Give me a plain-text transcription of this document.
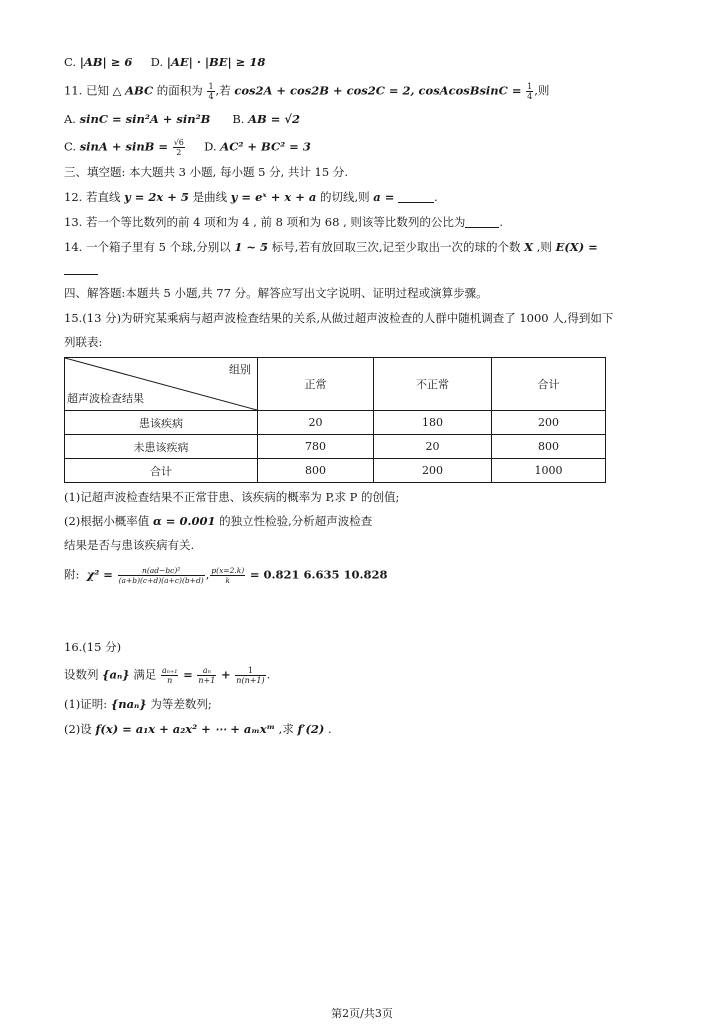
C. |AB| ≥ 6 D. |AE| · |BE| ≥ 18
11. 已知 △ ABC 的面积为 $\frac{1}{4}$ ,若 cos2A + cos2B + cos2C = 2, cosAcosBsinC = $\frac{1}{4}$ ,则
A. sinC = sin²A + sin²B B. AB = √2
C. $\sin A + \sin B = \frac{√6}{2} D$. AC² + BC² = 3
三、填空题: 本大题共 3 小题, 每小题 5 分, 共计 15 分.
12. 若直线 y = 2x + 5 是曲线 y = eˣ + x + a 的切线,则 a =	.
13. 若一个等比数列的前 4 项和为 4 , 前 8 项和为 68 , 则该等比数列的公比为	.
14. 一个箱子里有 5 个球,分别以 1 ~ 5 标号,若有放回取三次,记至少取出一次的球的个数 X ,则 E(X) =
四、解答题:本题共 5 小题,共 77 分。解答应写出文字说明、证明过程或演算步骤。
15.(13 分)为研究某乘病与超声波检查结果的关系,从做过超声波检查的人群中随机调查了 1000 人,得到如下
列联表:
组别
超声波检查结果	正常	不正常	合计
患该疾病	20	180	200
未患该疾病	780	20	800
合计	800	200	1000
(1)记超声波检查结果不正常苷患、该疾病的概率为 P,求 P 的创值;
(2)根据小概率值 α = 0.001 的独立性检验,分析超声波检查
结果是否与患该疾病有关.
附: $\chi^2 = \frac{\text{n(ad−bc)²}}{(a+b)(c+d)(a+c)(b+d)}$ , $\frac{p(x=2.k)}{k} = 0.821$ 6.635 10.828
16.(15 分)
设数列 {aₙ} 满足 $\frac{\text{aₙ₊₁}}{n} = \frac{\text{aₙ}}{n+1} + \frac{1}{n(n+1)}$ .
(1)证明: {naₙ} 为等差数列;
(2)设 f(x) = a₁x + a₂x² + ⋯ + aₘxᵐ ,求 f′(2) .
第2页/共3页
